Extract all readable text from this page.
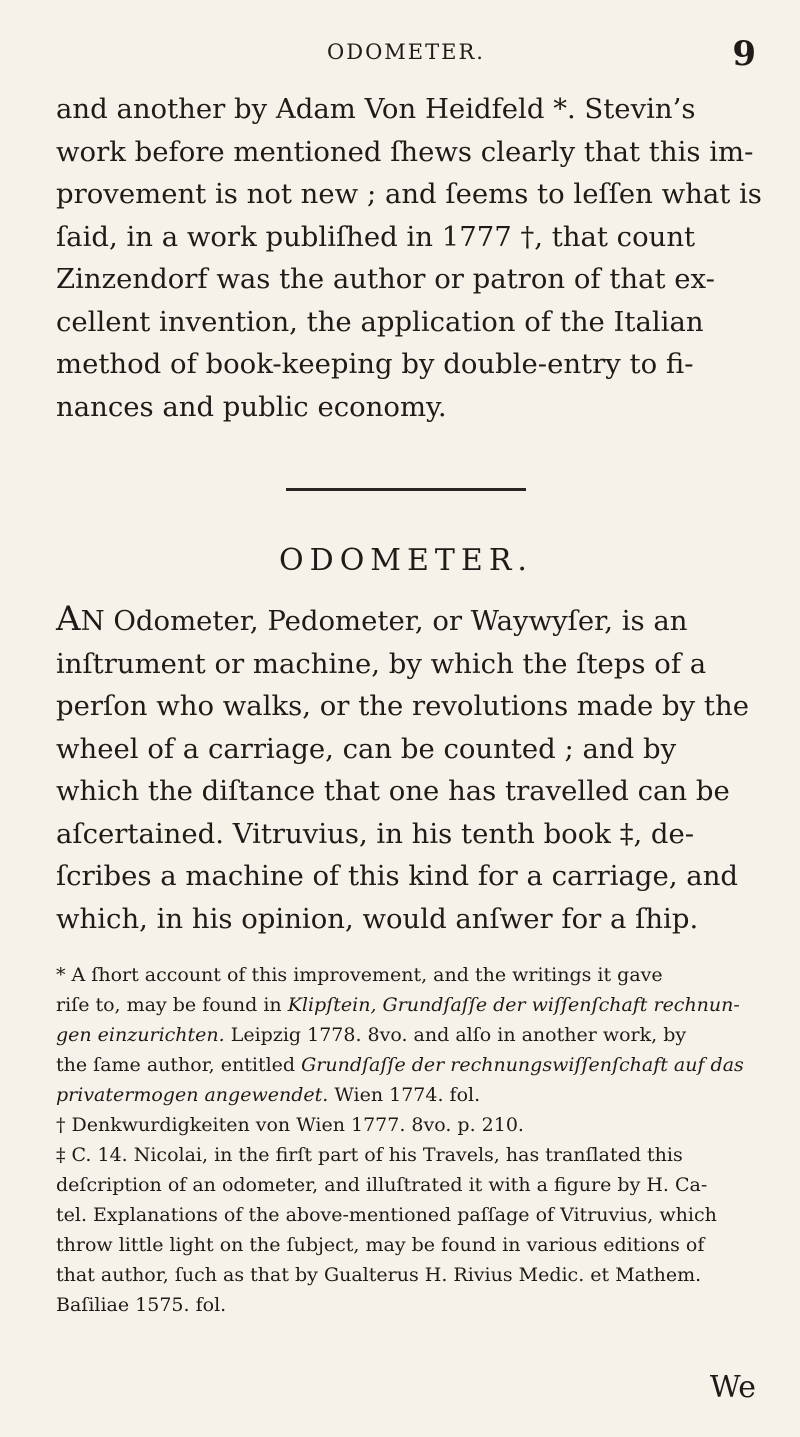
ODOMETER.	9

and another by Adam Von Heidfeld *. Stevin’s
work before mentioned ſhews clearly that this im-
provement is not new ; and ſeems to leſſen what is
ſaid, in a work publiſhed in 1777 †, that count
Zinzendorf was the author or patron of that ex-
cellent invention, the application of the Italian
method of book-keeping by double-entry to fi-
nances and public economy.

ODOMETER.

AN Odometer, Pedometer, or Waywyſer, is an
inſtrument or machine, by which the ſteps of a
perſon who walks, or the revolutions made by the
wheel of a carriage, can be counted ; and by
which the diſtance that one has travelled can be
aſcertained. Vitruvius, in his tenth book ‡, de-
ſcribes a machine of this kind for a carriage, and
which, in his opinion, would anſwer for a ſhip.

* A ſhort account of this improvement, and the writings it gave
riſe to, may be found in Klipſtein, Grundſaſſe der wiſſenſchaft rechnun-
gen einzurichten. Leipzig 1778. 8vo. and alſo in another work, by
the ſame author, entitled Grundſaſſe der rechnungswiſſenſchaft auf das
privatermogen angewendet. Wien 1774. fol.
† Denkwurdigkeiten von Wien 1777. 8vo. p. 210.
‡ C. 14. Nicolai, in the firſt part of his Travels, has tranſlated this
deſcription of an odometer, and illuſtrated it with a figure by H. Ca-
tel. Explanations of the above-mentioned paſſage of Vitruvius, which
throw little light on the ſubject, may be found in various editions of
that author, ſuch as that by Gualterus H. Rivius Medic. et Mathem.
Baſiliae 1575. fol.
We
